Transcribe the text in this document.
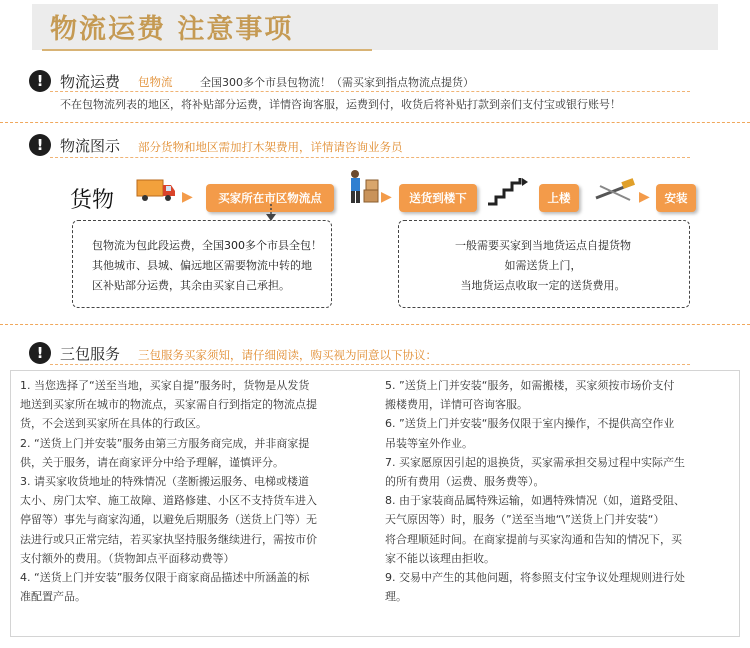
物流运费 注意事项
!	物流运费 包物流	全国300多个市县包物流！（需买家到指点物流点提货）
不在包物流列表的地区，将补贴部分运费，详情咨询客服，运费到付，收货后将补贴打款到亲们支付宝或银行账号！
!	物流图示 部分货物和地区需加打木架费用，详情请咨询业务员
货物	▶	买家所在市区物流点	▶	送货到楼下	上楼	▶	安装
包物流为包此段运费，全国300多个市县全包！
其他城市、县城、偏远地区需要物流中转的地
区补贴部分运费，其余由买家自己承担。
一般需要买家到当地货运点自提货物
如需送货上门，
当地货运点收取一定的送货费用。
!	三包服务 三包服务买家须知，请仔细阅读，购买视为同意以下协议：

1. 当您选择了“送至当地，买家自提”服务时，货物是从发货

地送到买家所在城市的物流点，买家需自行到指定的物流点提

货，不会送到买家所在具体的行政区。

2. “送货上门并安装”服务由第三方服务商完成，并非商家提

供，关于服务，请在商家评分中给予理解，谨慎评分。

3. 请买家收货地址的特殊情况（垄断搬运服务、电梯或楼道

太小、房门太窄、施工故障、道路修建、小区不支持货车进入

停留等）事先与商家沟通，以避免后期服务（送货上门等）无

法进行或只正常完结，若买家执坚持服务继续进行，需按市价

支付额外的费用。（货物卸点平面移动费等）

4. “送货上门并安装”服务仅限于商家商品描述中所涵盖的标

准配置产品。

5. ”送货上门并安装“服务，如需搬楼，买家须按市场价支付

搬楼费用，详情可咨询客服。

6. ”送货上门并安装“服务仅限于室内操作，不提供高空作业

吊装等室外作业。

7. 买家愿原因引起的退换货，买家需承担交易过程中实际产生

的所有费用（运费、服务费等）。

8. 由于家装商品属特殊运输，如遇特殊情况（如，道路受阻、

天气原因等）时，服务（”送至当地“\”送货上门并安装“）

将合理顺延时间。在商家提前与买家沟通和告知的情况下，买

家不能以该理由拒收。

9. 交易中产生的其他问题，将参照支付宝争议处理规则进行处

理。
